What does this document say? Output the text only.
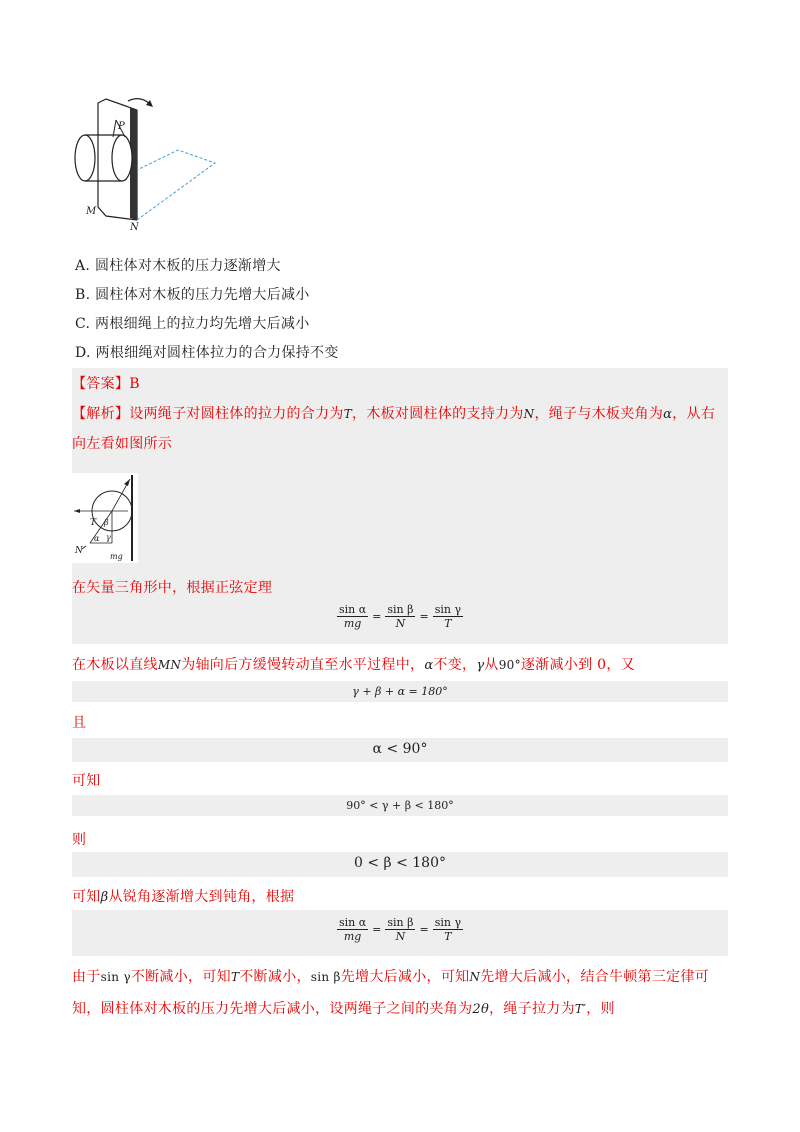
P
M
N
A. 圆柱体对木板的压力逐渐增大
B. 圆柱体对木板的压力先增大后减小
C. 两根细绳上的拉力均先增大后减小
D. 两根细绳对圆柱体拉力的合力保持不变
【答案】B
【解析】设两绳子对圆柱体的拉力的合力为T，木板对圆柱体的支持力为N，绳子与木板夹角为α，从右
向左看如图所示
T β
α γ
N
mg
在矢量三角形中，根据正弦定理
$\frac{\text{sin α}}{mg} = \frac{\text{sin β}}{N} = \frac{\text{sin γ}}{T}$
在木板以直线MN为轴向后方缓慢转动直至水平过程中，α不变，γ从90°逐渐减小到 0，又
γ + β + α = 180°
且
α < 90°
可知
90° < γ + β < 180°
则
0 < β < 180°
可知β从锐角逐渐增大到钝角，根据
$\frac{\text{sin α}}{mg} = \frac{\text{sin β}}{N} = \frac{\text{sin γ}}{T}$
由于sin γ不断减小，可知T不断减小，sin β先增大后减小，可知N先增大后减小，结合牛顿第三定律可
知，圆柱体对木板的压力先增大后减小，设两绳子之间的夹角为2θ，绳子拉力为T′，则
